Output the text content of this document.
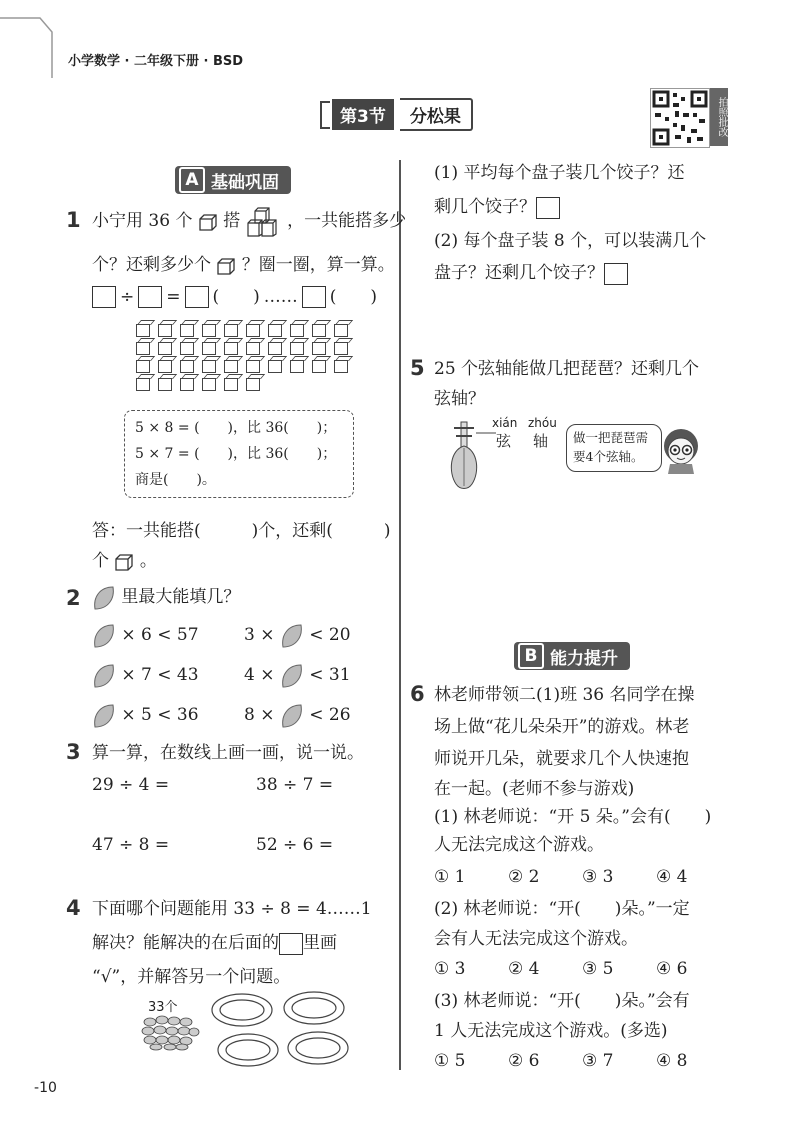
小学数学 · 二年级下册 · BSD
第3节	分松果	拍照批改
A 基础巩固
1 小宁用 36 个 搭	，一共能搭多少
个？还剩多少个 ？圈一圈，算一算。
÷ = (　　) …… (　　)
5 × 8 = (　　)，比 36(　　)；
5 × 7 = (　　)，比 36(　　)；
商是(　　)。
答：一共能搭(　　　)个，还剩(　　　)
个 。
2	里最大能填几？
× 6 < 57	3 × < 20
× 7 < 43	4 × < 31
× 5 < 36	8 × < 26
3 算一算，在数线上画一画，说一说。
29 ÷ 4 =	38 ÷ 7 =
47 ÷ 8 =	52 ÷ 6 =
4 下面哪个问题能用 33 ÷ 8 = 4……1
解决？能解决的在后面的 里画
“√”，并解答另一个问题。
33个
(1) 平均每个盘子装几个饺子？还
剩几个饺子？
(2) 每个盘子装 8 个，可以装满几个
盘子？还剩几个饺子？
5 25 个弦轴能做几把琵琶？还剩几个
弦轴？
xián zhóu
弦 轴 做一把琵琶需
要4个弦轴。
B 能力提升
6 林老师带领二(1)班 36 名同学在操
场上做“花儿朵朵开”的游戏。林老
师说开几朵，就要求几个人快速抱
在一起。(老师不参与游戏)
(1) 林老师说：“开 5 朵。”会有(　　)
人无法完成这个游戏。
① 1	② 2	③ 3	④ 4
(2) 林老师说：“开(　　)朵。”一定
会有人无法完成这个游戏。
① 3	② 4	③ 5	④ 6
(3) 林老师说：“开(　　)朵。”会有
1 人无法完成这个游戏。(多选)
① 5	② 6	③ 7	④ 8
-10
